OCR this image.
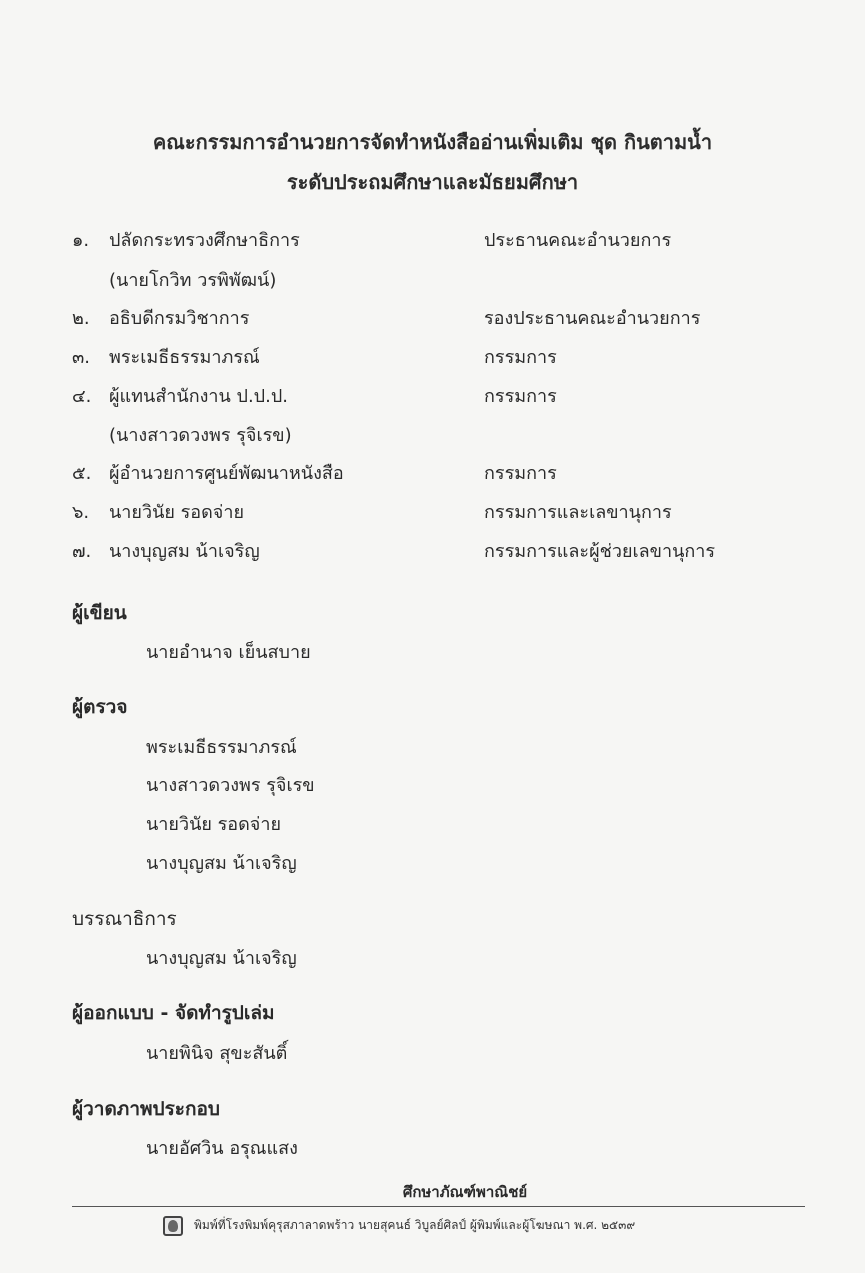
คณะกรรมการอำนวยการจัดทำหนังสืออ่านเพิ่มเติม ชุด กินตามน้ำ
ระดับประถมศึกษาและมัธยมศึกษา
๑. ปลัดกระทรวงศึกษาธิการ	ประธานคณะอำนวยการ
(นายโกวิท วรพิพัฒน์)
๒. อธิบดีกรมวิชาการ	รองประธานคณะอำนวยการ
๓. พระเมธีธรรมาภรณ์	กรรมการ
๔. ผู้แทนสำนักงาน ป.ป.ป.	กรรมการ
(นางสาวดวงพร รุจิเรข)
๕. ผู้อำนวยการศูนย์พัฒนาหนังสือ	กรรมการ
๖. นายวินัย รอดจ่าย	กรรมการและเลขานุการ
๗. นางบุญสม น้าเจริญ	กรรมการและผู้ช่วยเลขานุการ
ผู้เขียน
นายอำนาจ เย็นสบาย
ผู้ตรวจ
พระเมธีธรรมาภรณ์
นางสาวดวงพร รุจิเรข
นายวินัย รอดจ่าย
นางบุญสม น้าเจริญ
บรรณาธิการ
นางบุญสม น้าเจริญ
ผู้ออกแบบ - จัดทำรูปเล่ม
นายพินิจ สุขะสันติ์
ผู้วาดภาพประกอบ
นายอัศวิน อรุณแสง
ศึกษาภัณฑ์พาณิชย์
พิมพ์ที่โรงพิมพ์คุรุสภาลาดพร้าว นายสุคนธ์ วิบูลย์ศิลป์ ผู้พิมพ์และผู้โฆษณา พ.ศ. ๒๕๓๙
